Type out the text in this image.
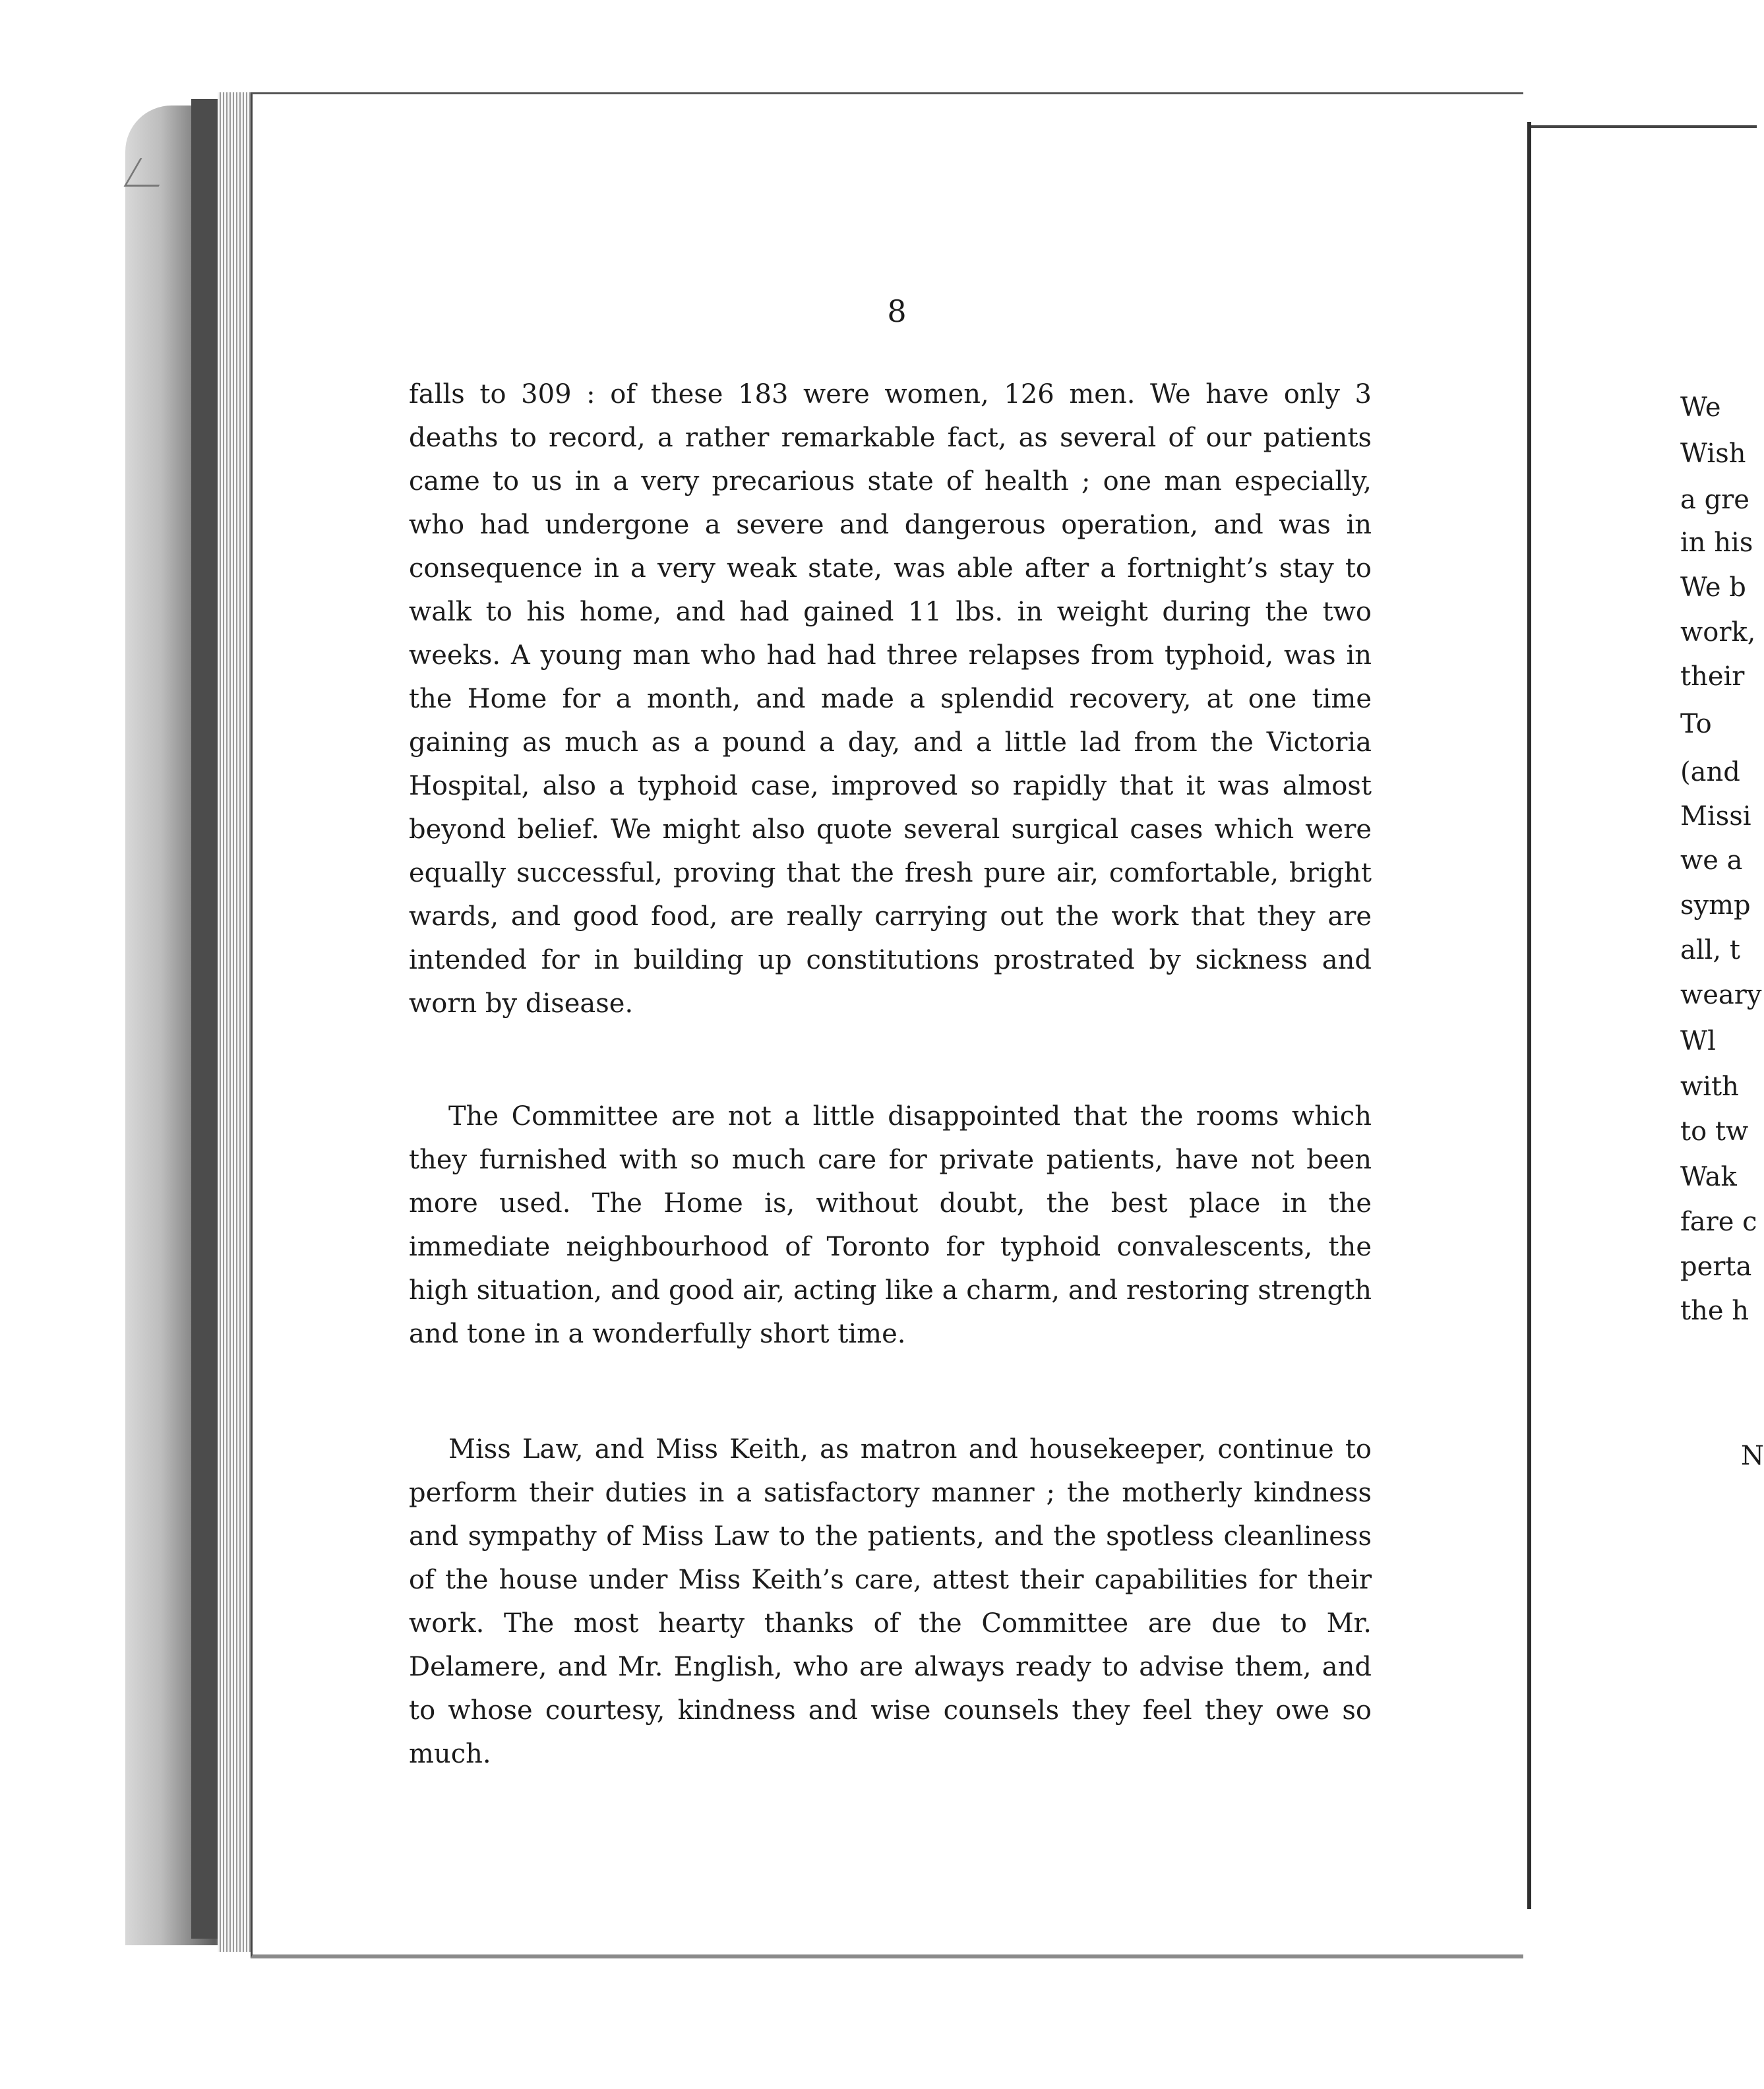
8

falls to 309 : of these 183 were women, 126 men. We have only 3 deaths to record, a rather remarkable fact, as several of our patients came to us in a very precarious state of health ; one man especially, who had undergone a severe and dangerous operation, and was in consequence in a very weak state, was able after a fortnight’s stay to walk to his home, and had gained 11 lbs. in weight during the two weeks. A young man who had had three relapses from typhoid, was in the Home for a month, and made a splendid recovery, at one time gaining as much as a pound a day, and a little lad from the Victoria Hospital, also a typhoid case, improved so rapidly that it was almost beyond belief. We might also quote several surgical cases which were equally successful, proving that the fresh pure air, comfortable, bright wards, and good food, are really carrying out the work that they are intended for in building up constitutions prostrated by sickness and worn by disease.

The Committee are not a little disappointed that the rooms which they furnished with so much care for private patients, have not been more used. The Home is, without doubt, the best place in the immediate neighbourhood of Toronto for typhoid convalescents, the high situation, and good air, acting like a charm, and restoring strength and tone in a wonderfully short time.

Miss Law, and Miss Keith, as matron and housekeeper, continue to perform their duties in a satisfactory manner ; the motherly kindness and sympathy of Miss Law to the patients, and the spotless cleanliness of the house under Miss Keith’s care, attest their capabilities for their work. The most hearty thanks of the Committee are due to Mr. Delamere, and Mr. English, who are always ready to advise them, and to whose courtesy, kindness and wise counsels they feel they owe so much.

We
Wish
a gre
in his
We b
work,
their
To
(and
Missi
we a
symp
all, t
weary
Wl
with
to tw
Wak
fare c
perta
the h
N
